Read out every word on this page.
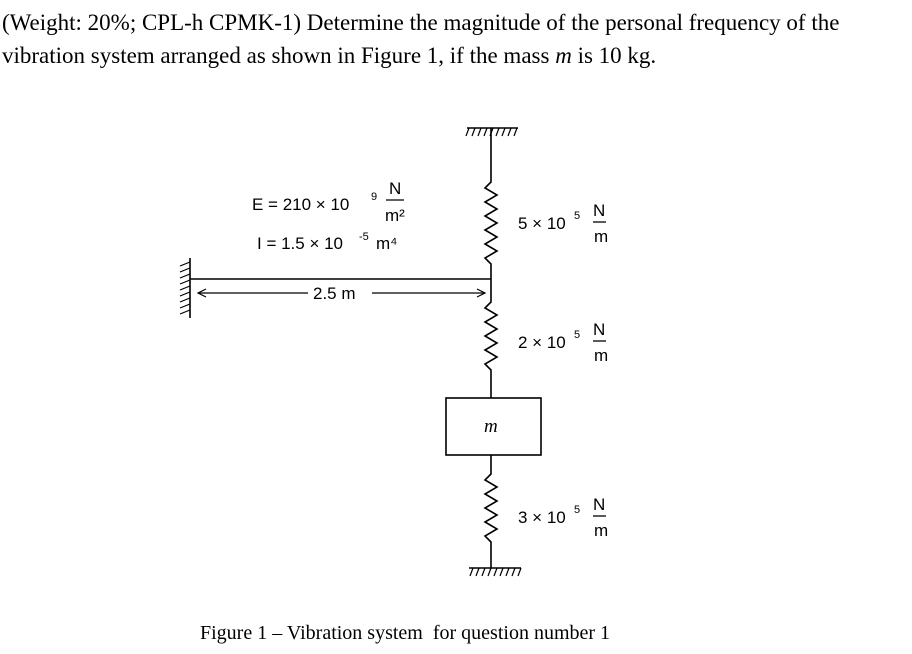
(Weight: 20%; CPL-h CPMK-1) Determine the magnitude of the personal frequency of the vibration system arranged as shown in Figure 1, if the mass m is 10 kg.

E = 210 × 10 9 N
m²
I = 1.5 × 10 -5 m⁴
2.5 m
5 × 10 5 N
m
2 × 10 5 N
m
3 × 10 5 N
m
m
Figure 1 – Vibration system  for question number 1
